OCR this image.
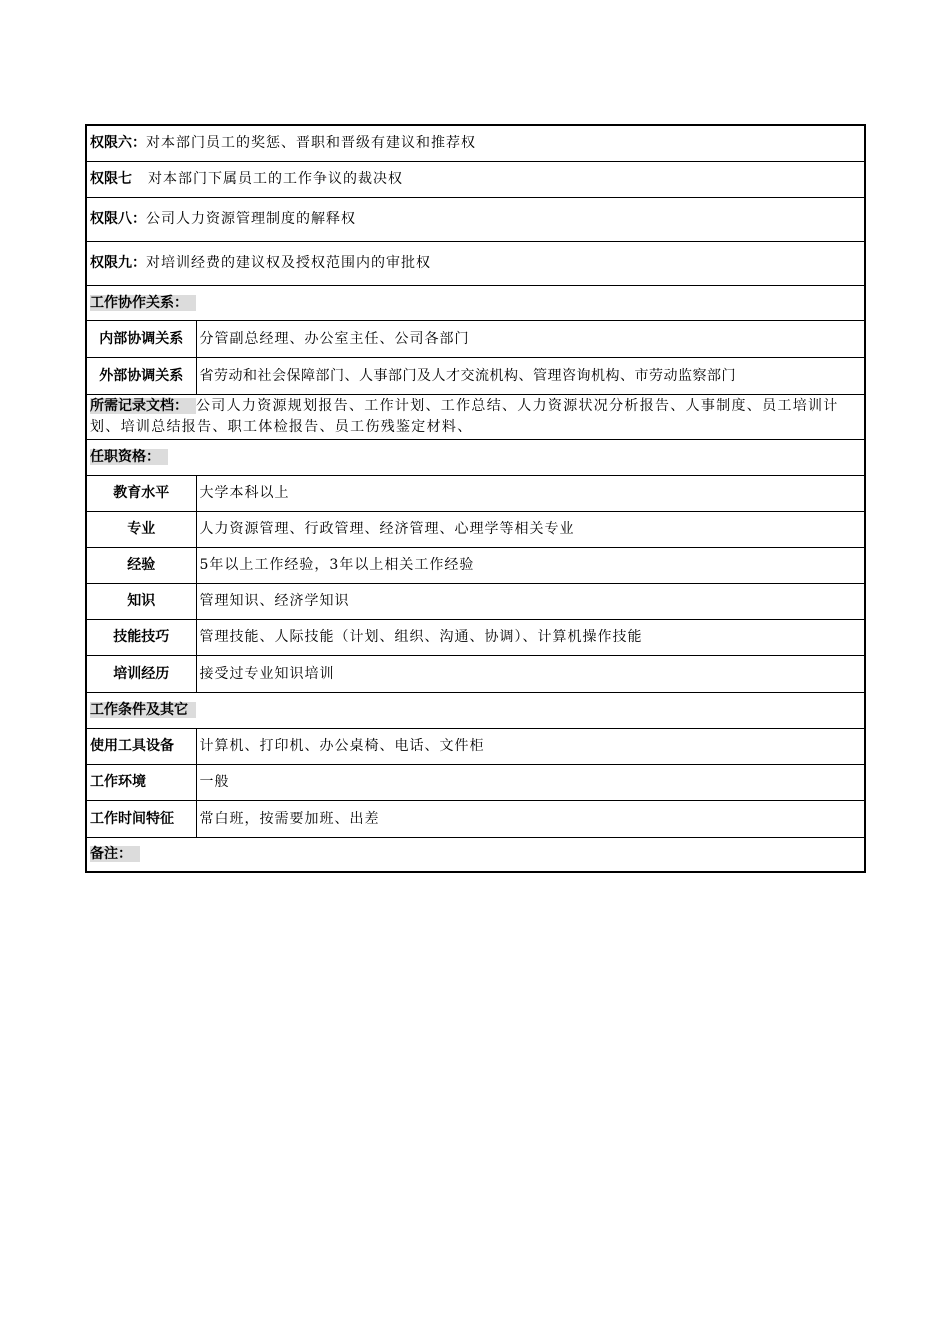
权限六：对本部门员工的奖惩、晋职和晋级有建议和推荐权	
权限七 对本部门下属员工的工作争议的裁决权	
权限八：公司人力资源管理制度的解释权	
权限九：对培训经费的建议权及授权范围内的审批权	
工作协作关系：	
内部协调关系	分管副总经理、办公室主任、公司各部门
外部协调关系	省劳动和社会保障部门、人事部门及人才交流机构、管理咨询机构、市劳动监察部门
所需记录文档： 公司人力资源规划报告、工作计划、工作总结、人力资源状况分析报告、人事制度、员工培训计划、培训总结报告、职工体检报告、员工伤残鉴定材料、	
任职资格：	
教育水平	大学本科以上
专业	人力资源管理、行政管理、经济管理、心理学等相关专业
经验	5年以上工作经验，3年以上相关工作经验
知识	管理知识、经济学知识
技能技巧	管理技能、人际技能（计划、组织、沟通、协调）、计算机操作技能
培训经历	接受过专业知识培训
工作条件及其它	
使用工具设备	计算机、打印机、办公桌椅、电话、文件柜
工作环境	一般
工作时间特征	常白班，按需要加班、出差
备注：	
